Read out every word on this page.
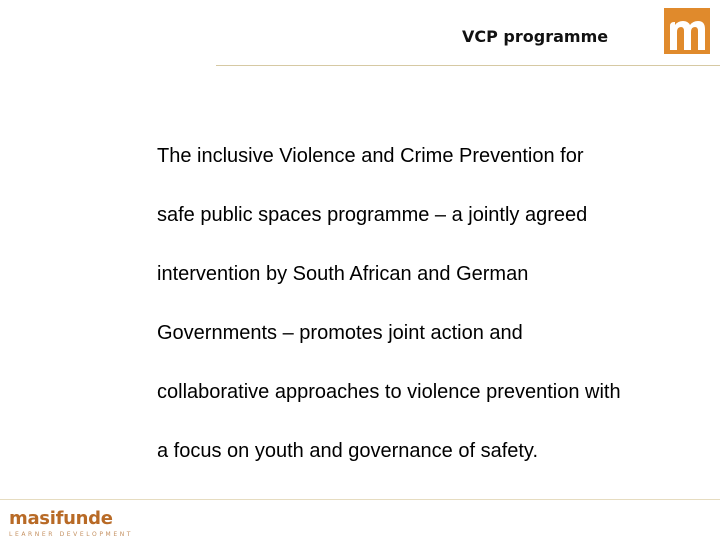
VCP programme
The inclusive Violence and Crime Prevention for
safe public spaces programme – a jointly agreed
intervention by South African and German
Governments – promotes joint action and
collaborative approaches to violence prevention with
a focus on youth and governance of safety.
masifunde
LEARNER DEVELOPMENT
